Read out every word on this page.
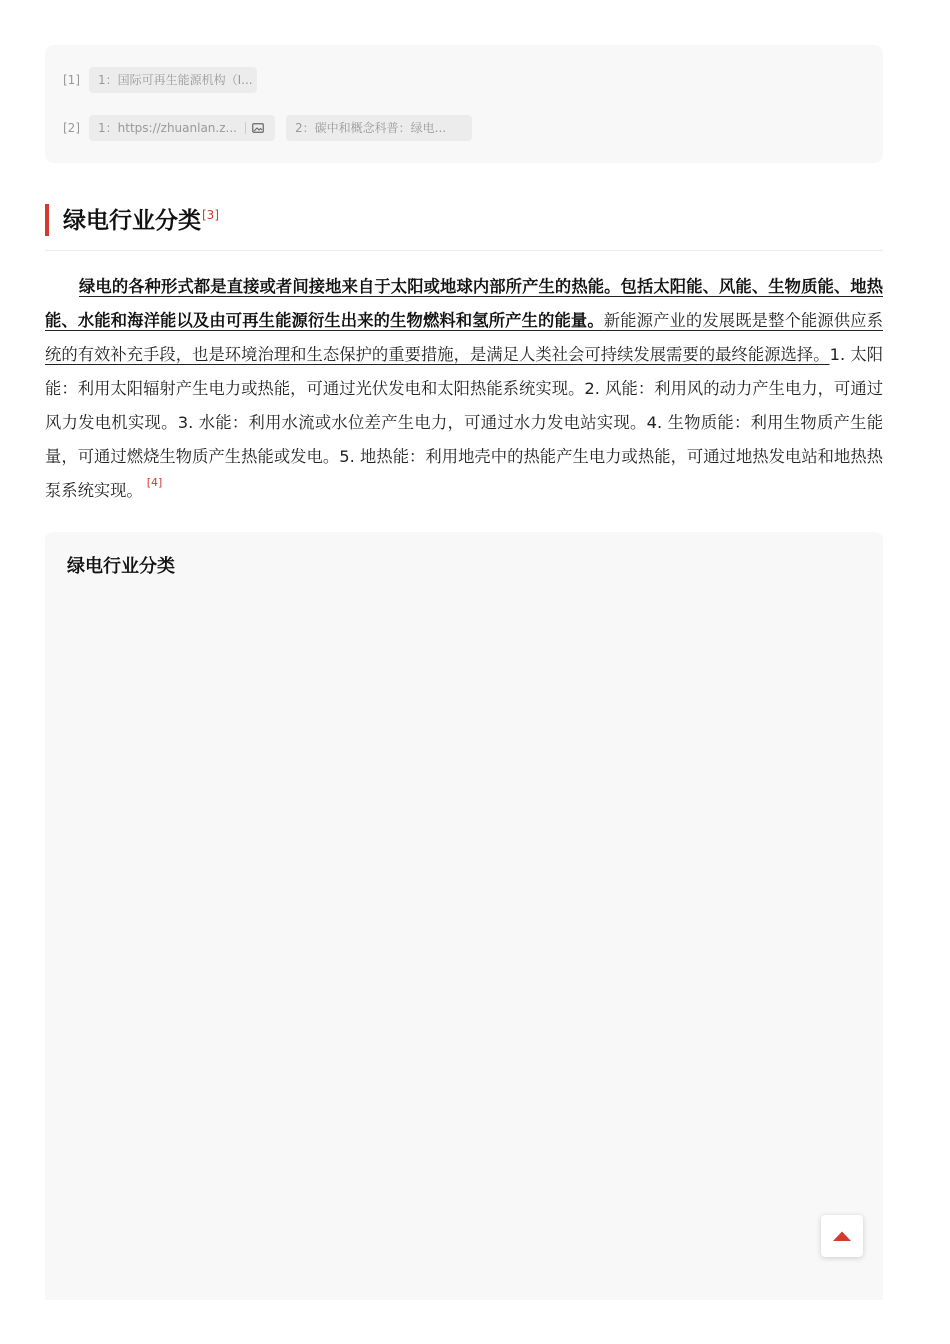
[1] 1：国际可再生能源机构（I...
[2] 1：https://zhuanlan.z...	2：碳中和概念科普：绿电...
绿电行业分类[3]
绿电的各种形式都是直接或者间接地来自于太阳或地球内部所产生的热能。包括太阳能、风能、生物质能、地热能、水能和海洋能以及由可再生能源衍生出来的生物燃料和氢所产生的能量。新能源产业的发展既是整个能源供应系统的有效补充手段，也是环境治理和生态保护的重要措施，是满足人类社会可持续发展需要的最终能源选择。1. 太阳能：利用太阳辐射产生电力或热能，可通过光伏发电和太阳热能系统实现。2. 风能：利用风的动力产生电力，可通过风力发电机实现。3. 水能：利用水流或水位差产生电力，可通过水力发电站实现。4. 生物质能：利用生物质产生能量，可通过燃烧生物质产生热能或发电。5. 地热能：利用地壳中的热能产生电力或热能，可通过地热发电站和地热热泵系统实现。 [4]
绿电行业分类
